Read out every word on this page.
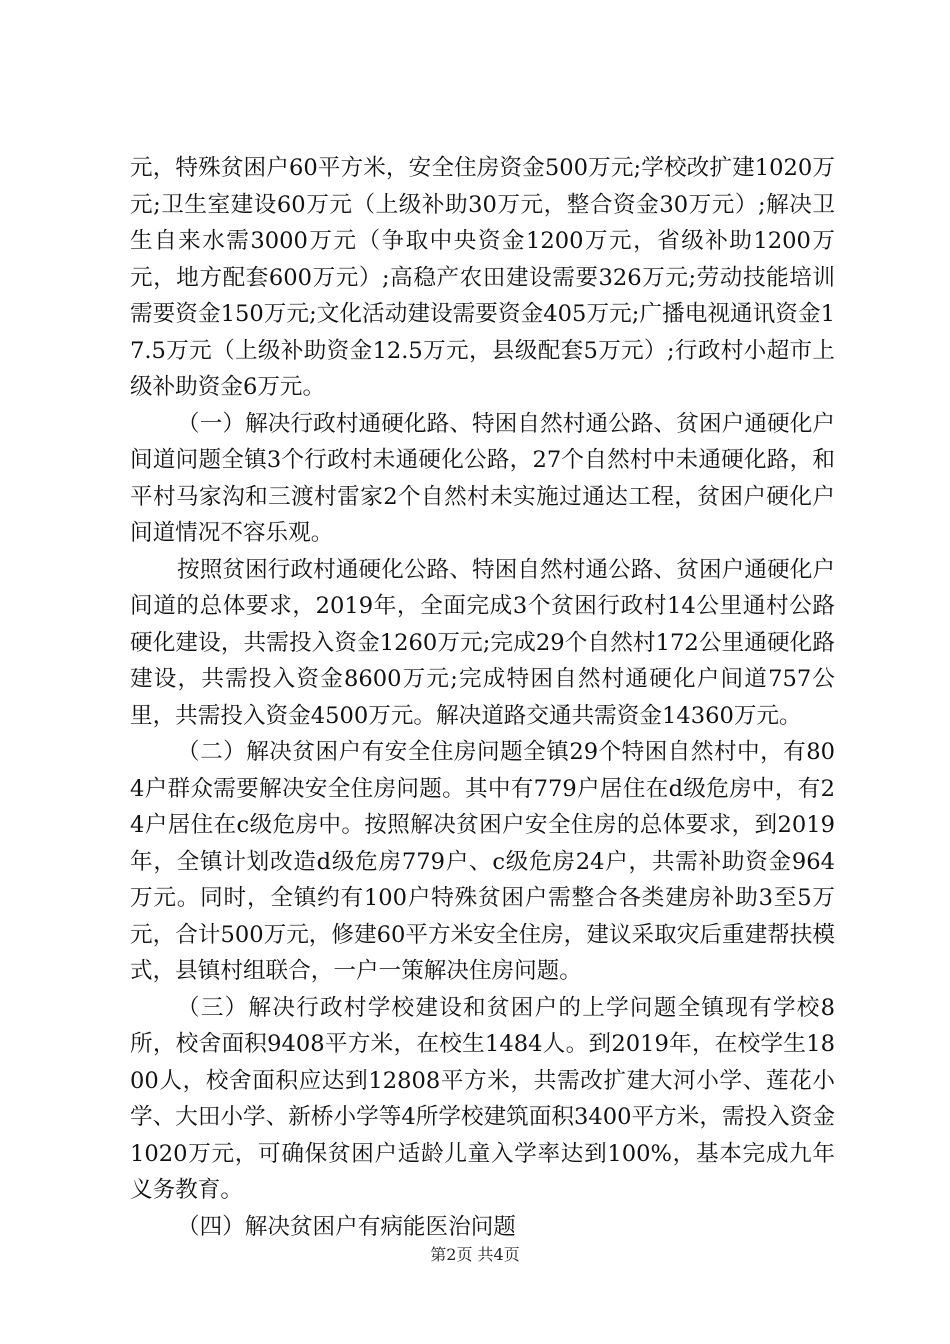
元，特殊贫困户60平方米，安全住房资金500万元;学校改扩建1020万元;卫生室建设60万元（上级补助30万元，整合资金30万元）;解决卫生自来水需3000万元（争取中央资金1200万元，省级补助1200万元，地方配套600万元）;高稳产农田建设需要326万元;劳动技能培训需要资金150万元;文化活动建设需要资金405万元;广播电视通讯资金17.5万元（上级补助资金12.5万元，县级配套5万元）;行政村小超市上级补助资金6万元。

（一）解决行政村通硬化路、特困自然村通公路、贫困户通硬化户间道问题全镇3个行政村未通硬化公路，27个自然村中未通硬化路，和平村马家沟和三渡村雷家2个自然村未实施过通达工程，贫困户硬化户间道情况不容乐观。

按照贫困行政村通硬化公路、特困自然村通公路、贫困户通硬化户间道的总体要求，2019年，全面完成3个贫困行政村14公里通村公路硬化建设，共需投入资金1260万元;完成29个自然村172公里通硬化路建设，共需投入资金8600万元;完成特困自然村通硬化户间道757公里，共需投入资金4500万元。解决道路交通共需资金14360万元。

（二）解决贫困户有安全住房问题全镇29个特困自然村中，有804户群众需要解决安全住房问题。其中有779户居住在d级危房中，有24户居住在c级危房中。按照解决贫困户安全住房的总体要求，到2019年，全镇计划改造d级危房779户、c级危房24户，共需补助资金964万元。同时，全镇约有100户特殊贫困户需整合各类建房补助3至5万元，合计500万元，修建60平方米安全住房，建议采取灾后重建帮扶模式，县镇村组联合，一户一策解决住房问题。

（三）解决行政村学校建设和贫困户的上学问题全镇现有学校8所，校舍面积9408平方米，在校生1484人。到2019年，在校学生1800人，校舍面积应达到12808平方米，共需改扩建大河小学、莲花小学、大田小学、新桥小学等4所学校建筑面积3400平方米，需投入资金1020万元，可确保贫困户适龄儿童入学率达到100%，基本完成九年义务教育。

（四）解决贫困户有病能医治问题

第2页 共4页
